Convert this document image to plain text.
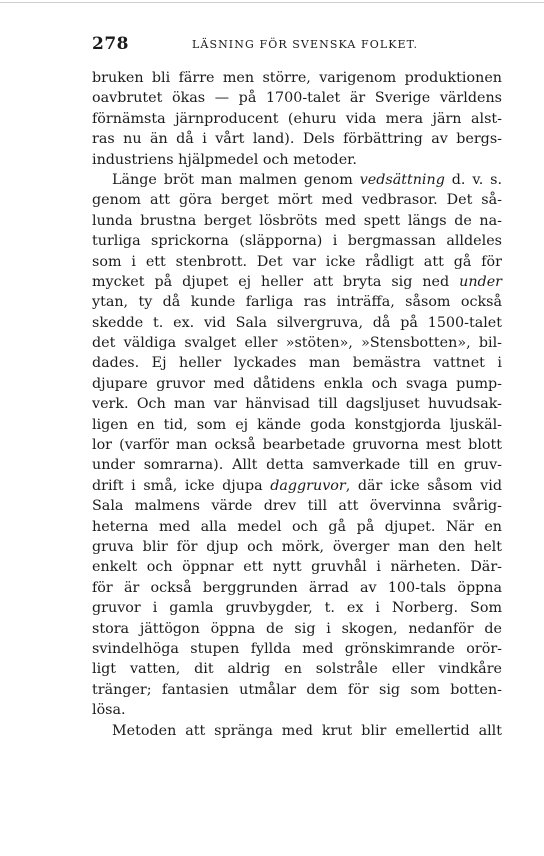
278	LÄSNING FÖR SVENSKA FOLKET.
bruken bli färre men större, varigenom produktionen
oavbrutet ökas — på 1700-talet är Sverige världens
förnämsta järnproducent (ehuru vida mera järn alst-
ras nu än då i vårt land). Dels förbättring av bergs-
industriens hjälpmedel och metoder.
Länge bröt man malmen genom vedsättning d. v. s.
genom att göra berget mört med vedbrasor. Det så-
lunda brustna berget lösbröts med spett längs de na-
turliga sprickorna (släpporna) i bergmassan alldeles
som i ett stenbrott. Det var icke rådligt att gå för
mycket på djupet ej heller att bryta sig ned under
ytan, ty då kunde farliga ras inträffa, såsom också
skedde t. ex. vid Sala silvergruva, då på 1500-talet
det väldiga svalget eller »stöten», »Stensbotten», bil-
dades. Ej heller lyckades man bemästra vattnet i
djupare gruvor med dåtidens enkla och svaga pump-
verk. Och man var hänvisad till dagsljuset huvudsak-
ligen en tid, som ej kände goda konstgjorda ljuskäl-
lor (varför man också bearbetade gruvorna mest blott
under somrarna). Allt detta samverkade till en gruv-
drift i små, icke djupa daggruvor, där icke såsom vid
Sala malmens värde drev till att övervinna svårig-
heterna med alla medel och gå på djupet. När en
gruva blir för djup och mörk, överger man den helt
enkelt och öppnar ett nytt gruvhål i närheten. Där-
för är också berggrunden ärrad av 100-tals öppna
gruvor i gamla gruvbygder, t. ex i Norberg. Som
stora jättögon öppna de sig i skogen, nedanför de
svindelhöga stupen fyllda med grönskimrande orör-
ligt vatten, dit aldrig en solstråle eller vindkåre
tränger; fantasien utmålar dem för sig som botten-
lösa.
Metoden att spränga med krut blir emellertid allt
